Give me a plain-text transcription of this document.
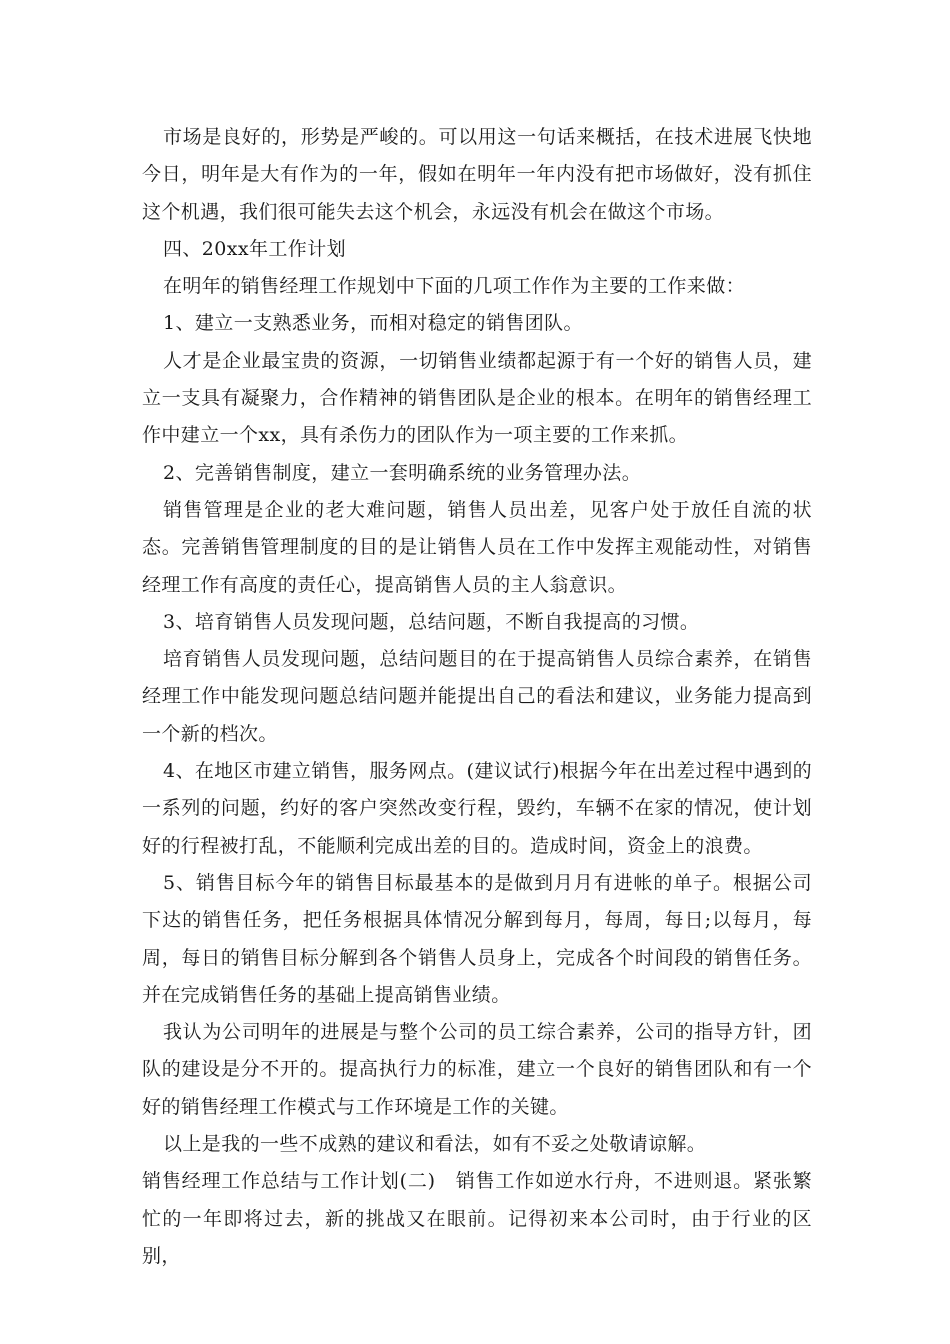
市场是良好的，形势是严峻的。可以用这一句话来概括，在技术进展飞快地今日，明年是大有作为的一年，假如在明年一年内没有把市场做好，没有抓住这个机遇，我们很可能失去这个机会，永远没有机会在做这个市场。

四、20xx年工作计划

在明年的销售经理工作规划中下面的几项工作作为主要的工作来做：

1、建立一支熟悉业务，而相对稳定的销售团队。

人才是企业最宝贵的资源，一切销售业绩都起源于有一个好的销售人员，建立一支具有凝聚力，合作精神的销售团队是企业的根本。在明年的销售经理工作中建立一个xx，具有杀伤力的团队作为一项主要的工作来抓。

2、完善销售制度，建立一套明确系统的业务管理办法。

销售管理是企业的老大难问题，销售人员出差，见客户处于放任自流的状态。完善销售管理制度的目的是让销售人员在工作中发挥主观能动性，对销售经理工作有高度的责任心，提高销售人员的主人翁意识。

3、培育销售人员发现问题，总结问题，不断自我提高的习惯。

培育销售人员发现问题，总结问题目的在于提高销售人员综合素养，在销售经理工作中能发现问题总结问题并能提出自己的看法和建议，业务能力提高到一个新的档次。

4、在地区市建立销售，服务网点。(建议试行)根据今年在出差过程中遇到的一系列的问题，约好的客户突然改变行程，毁约，车辆不在家的情况，使计划好的行程被打乱，不能顺利完成出差的目的。造成时间，资金上的浪费。

5、销售目标今年的销售目标最基本的是做到月月有进帐的单子。根据公司下达的销售任务，把任务根据具体情况分解到每月，每周，每日;以每月，每周，每日的销售目标分解到各个销售人员身上，完成各个时间段的销售任务。并在完成销售任务的基础上提高销售业绩。

我认为公司明年的进展是与整个公司的员工综合素养，公司的指导方针，团队的建设是分不开的。提高执行力的标准，建立一个良好的销售团队和有一个好的销售经理工作模式与工作环境是工作的关键。

以上是我的一些不成熟的建议和看法，如有不妥之处敬请谅解。

销售经理工作总结与工作计划(二)　销售工作如逆水行舟，不进则退。紧张繁忙的一年即将过去，新的挑战又在眼前。记得初来本公司时，由于行业的区别，
